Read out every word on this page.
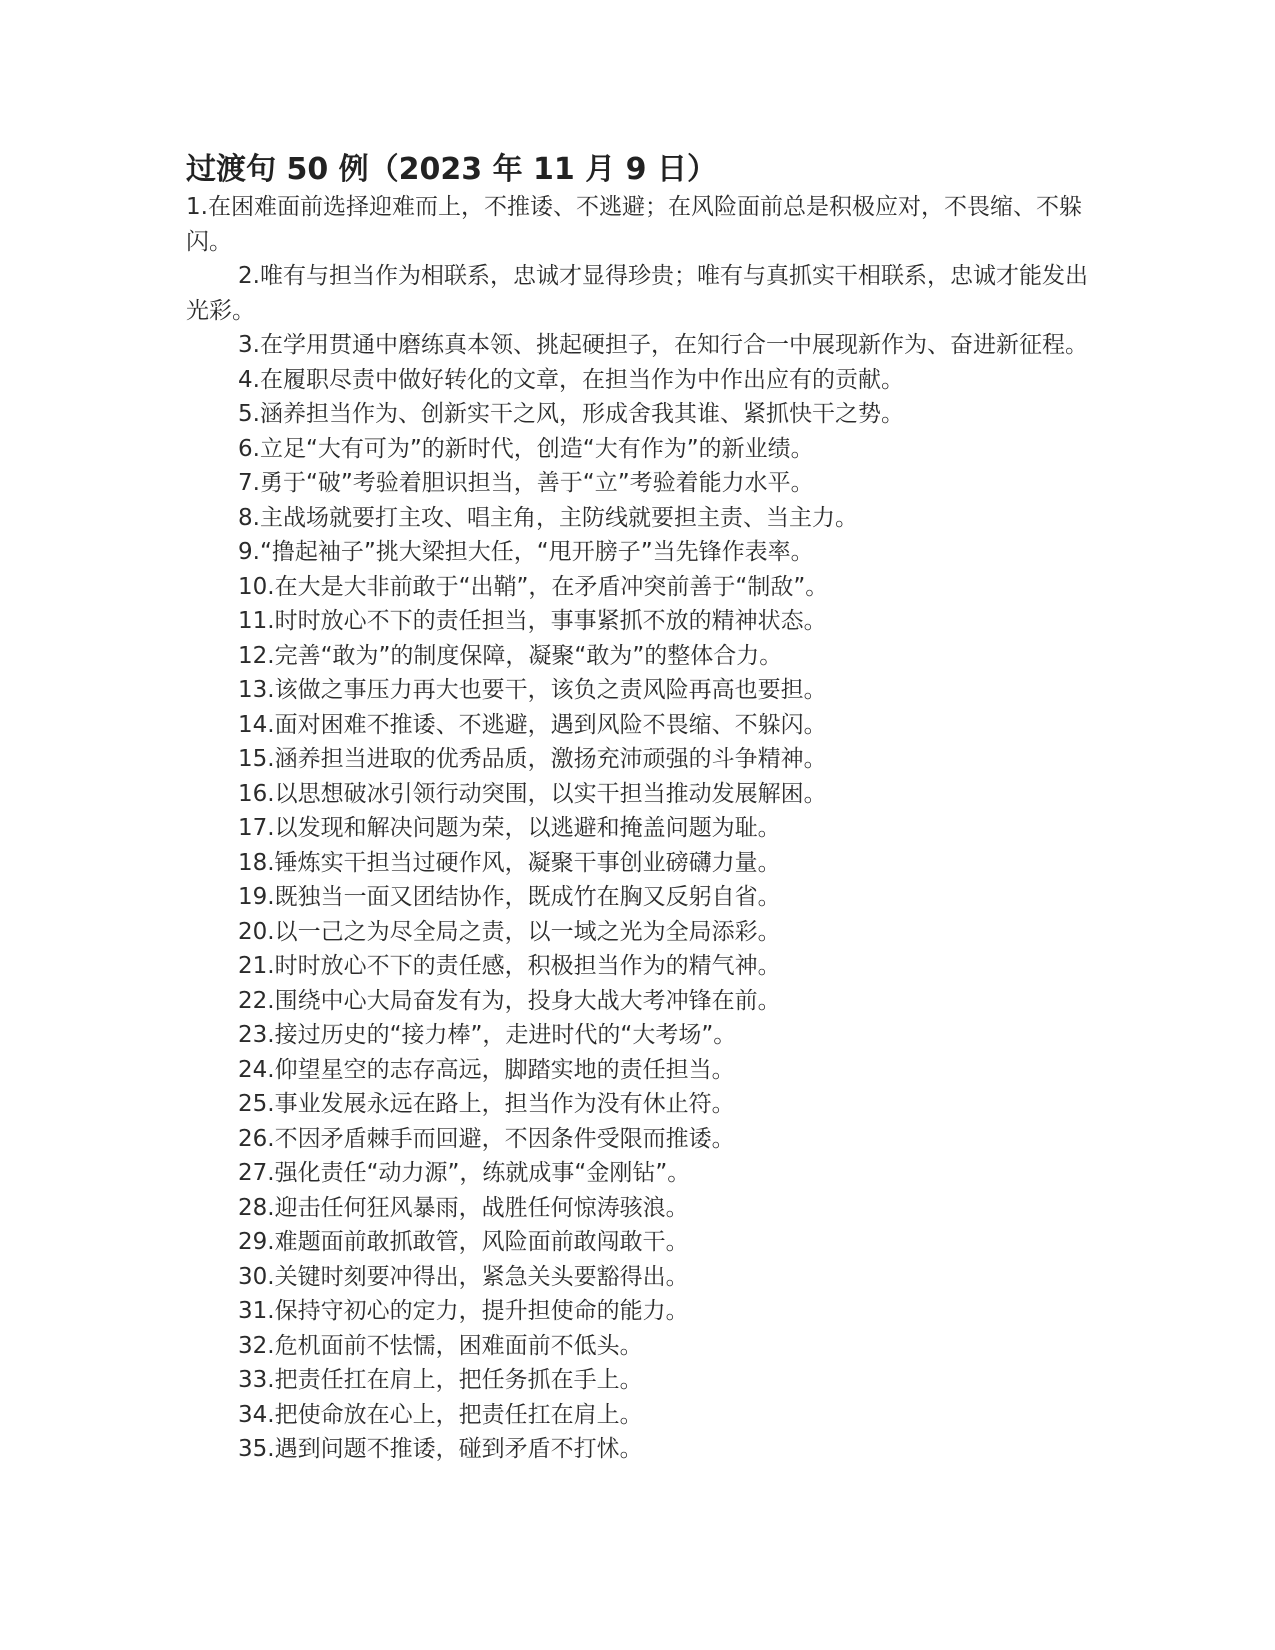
过渡句 50 例（2023 年 11 月 9 日）

1.在困难面前选择迎难而上，不推诿、不逃避；在风险面前总是积极应对，不畏缩、不躲闪。

2.唯有与担当作为相联系，忠诚才显得珍贵；唯有与真抓实干相联系，忠诚才能发出光彩。

3.在学用贯通中磨练真本领、挑起硬担子，在知行合一中展现新作为、奋进新征程。

4.在履职尽责中做好转化的文章，在担当作为中作出应有的贡献。

5.涵养担当作为、创新实干之风，形成舍我其谁、紧抓快干之势。

6.立足“大有可为”的新时代，创造“大有作为”的新业绩。

7.勇于“破”考验着胆识担当，善于“立”考验着能力水平。

8.主战场就要打主攻、唱主角，主防线就要担主责、当主力。

9.“撸起袖子”挑大梁担大任，“甩开膀子”当先锋作表率。

10.在大是大非前敢于“出鞘”，在矛盾冲突前善于“制敌”。

11.时时放心不下的责任担当，事事紧抓不放的精神状态。

12.完善“敢为”的制度保障，凝聚“敢为”的整体合力。

13.该做之事压力再大也要干，该负之责风险再高也要担。

14.面对困难不推诿、不逃避，遇到风险不畏缩、不躲闪。

15.涵养担当进取的优秀品质，激扬充沛顽强的斗争精神。

16.以思想破冰引领行动突围，以实干担当推动发展解困。

17.以发现和解决问题为荣，以逃避和掩盖问题为耻。

18.锤炼实干担当过硬作风，凝聚干事创业磅礴力量。

19.既独当一面又团结协作，既成竹在胸又反躬自省。

20.以一己之为尽全局之责，以一域之光为全局添彩。

21.时时放心不下的责任感，积极担当作为的精气神。

22.围绕中心大局奋发有为，投身大战大考冲锋在前。

23.接过历史的“接力棒”，走进时代的“大考场”。

24.仰望星空的志存高远，脚踏实地的责任担当。

25.事业发展永远在路上，担当作为没有休止符。

26.不因矛盾棘手而回避，不因条件受限而推诿。

27.强化责任“动力源”，练就成事“金刚钻”。

28.迎击任何狂风暴雨，战胜任何惊涛骇浪。

29.难题面前敢抓敢管，风险面前敢闯敢干。

30.关键时刻要冲得出，紧急关头要豁得出。

31.保持守初心的定力，提升担使命的能力。

32.危机面前不怯懦，困难面前不低头。

33.把责任扛在肩上，把任务抓在手上。

34.把使命放在心上，把责任扛在肩上。

35.遇到问题不推诿，碰到矛盾不打怵。
